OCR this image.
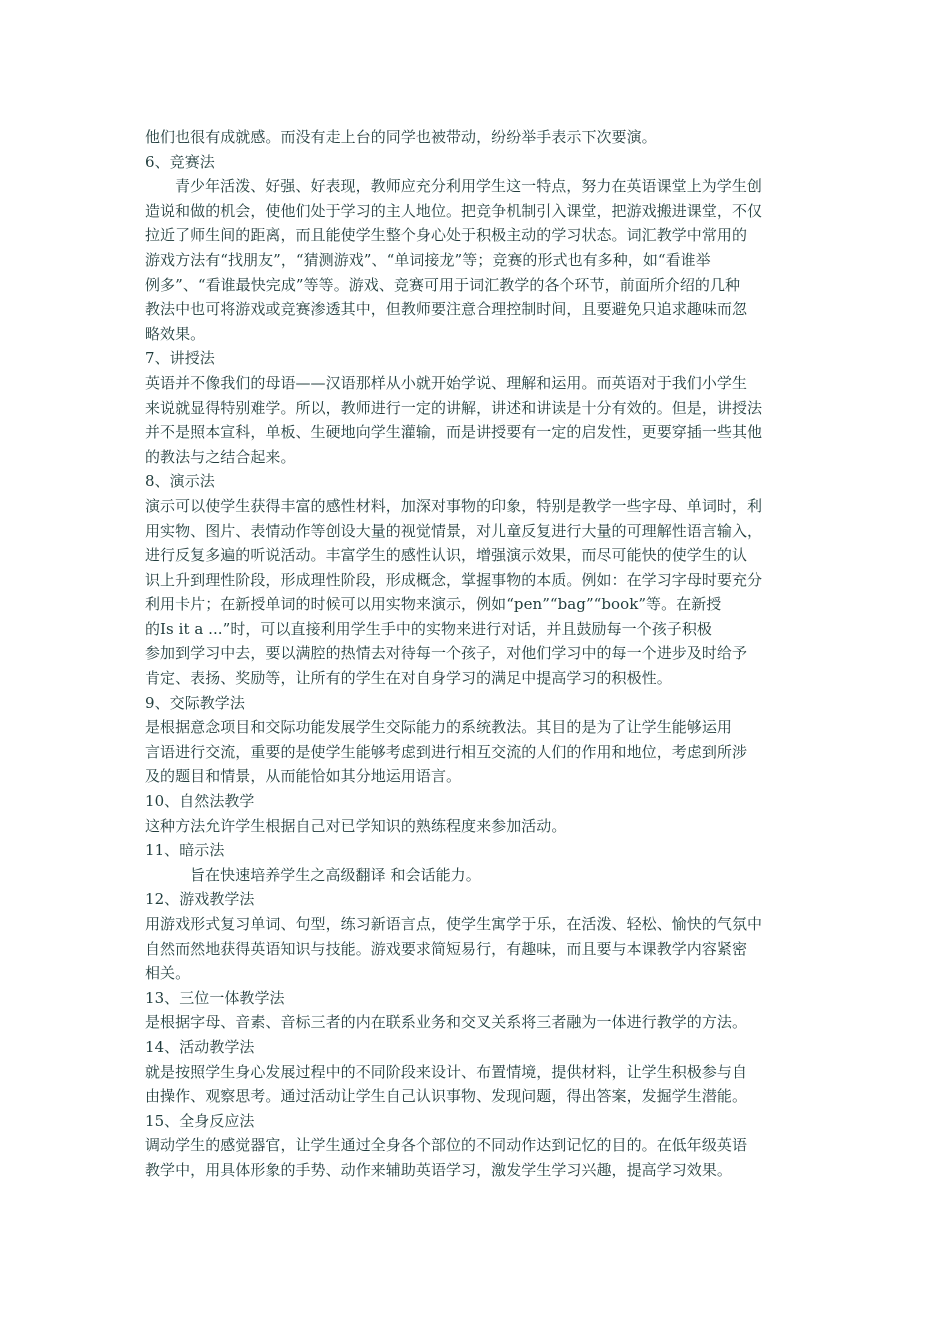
他们也很有成就感。而没有走上台的同学也被带动，纷纷举手表示下次要演。
6、竞赛法
青少年活泼、好强、好表现，教师应充分利用学生这一特点，努力在英语课堂上为学生创
造说和做的机会，使他们处于学习的主人地位。把竞争机制引入课堂，把游戏搬进课堂，不仅
拉近了师生间的距离，而且能使学生整个身心处于积极主动的学习状态。词汇教学中常用的
游戏方法有“找朋友”，“猜测游戏”、“单词接龙”等；竞赛的形式也有多种，如“看谁举
例多”、“看谁最快完成”等等。游戏、竞赛可用于词汇教学的各个环节，前面所介绍的几种
教法中也可将游戏或竞赛渗透其中，但教师要注意合理控制时间，且要避免只追求趣味而忽
略效果。
7、讲授法
英语并不像我们的母语——汉语那样从小就开始学说、理解和运用。而英语对于我们小学生
来说就显得特别难学。所以，教师进行一定的讲解，讲述和讲读是十分有效的。但是，讲授法
并不是照本宣科，单板、生硬地向学生灌输，而是讲授要有一定的启发性，更要穿插一些其他
的教法与之结合起来。
8、演示法
演示可以使学生获得丰富的感性材料，加深对事物的印象，特别是教学一些字母、单词时，利
用实物、图片、表情动作等创设大量的视觉情景，对儿童反复进行大量的可理解性语言输入，
进行反复多遍的听说活动。丰富学生的感性认识，增强演示效果，而尽可能快的使学生的认
识上升到理性阶段，形成理性阶段，形成概念，掌握事物的本质。例如：在学习字母时要充分
利用卡片；在新授单词的时候可以用实物来演示，例如“pen”“bag”“book”等。在新授
的Is it a ...”时，可以直接利用学生手中的实物来进行对话，并且鼓励每一个孩子积极
参加到学习中去，要以满腔的热情去对待每一个孩子，对他们学习中的每一个进步及时给予
肯定、表扬、奖励等，让所有的学生在对自身学习的满足中提高学习的积极性。
9、交际教学法
是根据意念项目和交际功能发展学生交际能力的系统教法。其目的是为了让学生能够运用
言语进行交流，重要的是使学生能够考虑到进行相互交流的人们的作用和地位，考虑到所涉
及的题目和情景，从而能恰如其分地运用语言。
10、自然法教学
这种方法允许学生根据自己对已学知识的熟练程度来参加活动。
11、暗示法
旨在快速培养学生之高级翻译 和会话能力。
12、游戏教学法
用游戏形式复习单词、句型，练习新语言点，使学生寓学于乐，在活泼、轻松、愉快的气氛中
自然而然地获得英语知识与技能。游戏要求简短易行，有趣味，而且要与本课教学内容紧密
相关。
13、三位一体教学法
是根据字母、音素、音标三者的内在联系业务和交叉关系将三者融为一体进行教学的方法。
14、活动教学法
就是按照学生身心发展过程中的不同阶段来设计、布置情境，提供材料，让学生积极参与自
由操作、观察思考。通过活动让学生自己认识事物、发现问题，得出答案，发掘学生潜能。
15、全身反应法
调动学生的感觉器官，让学生通过全身各个部位的不同动作达到记忆的目的。在低年级英语
教学中，用具体形象的手势、动作来辅助英语学习，激发学生学习兴趣，提高学习效果。
